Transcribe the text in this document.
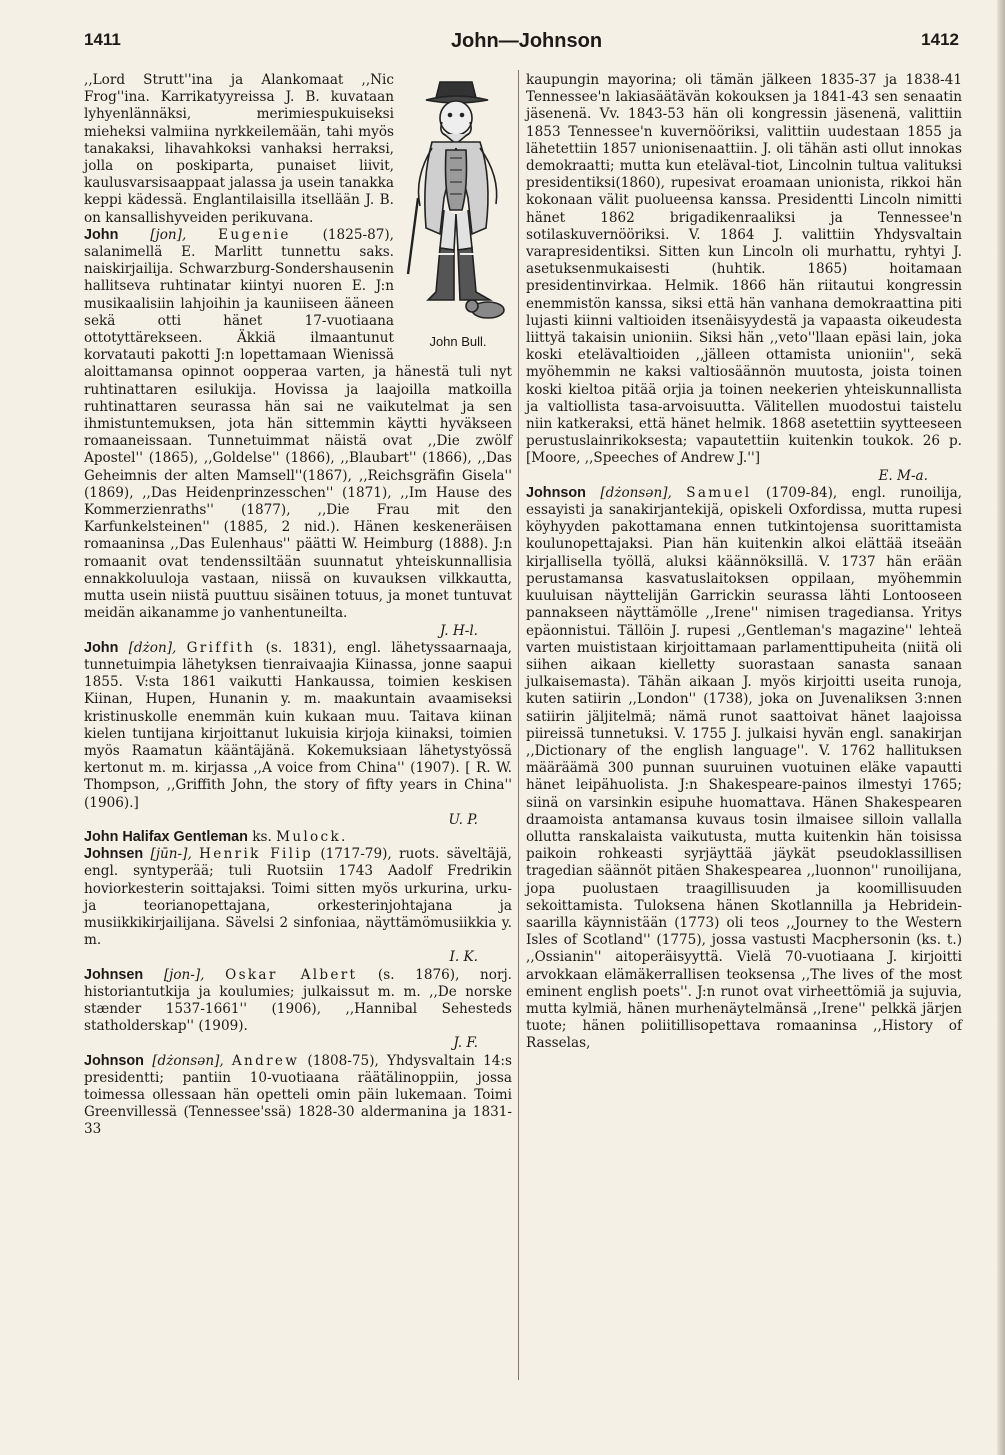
1411	John—Johnson	1412
John Bull.

,,Lord Strutt''ina ja Alankomaat ,,Nic Frog''ina. Karrikatyyreissa J. B. kuvataan lyhyenlännäksi, merimiespukuiseksi mieheksi valmiina nyrkkeilemään, tahi myös tanakaksi, lihavahkoksi vanhaksi herraksi, jolla on poskiparta, punaiset liivit, kaulusvarsisaappaat jalassa ja usein tanakka keppi kädessä. Englantilaisilla itsellään J. B. on kansallishyveiden perikuvana.

John [jon], Eugenie (1825-87), salanimellä E. Marlitt tunnettu saks. naiskirjailija. Schwarzburg-Sondershausenin hallitseva ruhtinatar kiintyi nuoren E. J:n musikaalisiin lahjoihin ja kauniiseen ääneen sekä otti hänet 17-vuotiaana ottotyttärekseen. Äkkiä ilmaantunut korvatauti pakotti J:n lopettamaan Wienissä aloittamansa opinnot oopperaa varten, ja hänestä tuli nyt ruhtinattaren esilukija. Hovissa ja laajoilla matkoilla ruhtinattaren seurassa hän sai ne vaikutelmat ja sen ihmistuntemuksen, jota hän sittemmin käytti hyväkseen romaaneissaan. Tunnetuimmat näistä ovat ,,Die zwölf Apostel'' (1865), ,,Goldelse'' (1866), ,,Blaubart'' (1866), ,,Das Geheimnis der alten Mamsell''(1867), ,,Reichsgräfin Gisela'' (1869), ,,Das Heidenprinzesschen'' (1871), ,,Im Hause des Kommerzienraths'' (1877), ,,Die Frau mit den Karfunkelsteinen'' (1885, 2 nid.). Hänen keskeneräisen romaaninsa ,,Das Eulenhaus'' päätti W. Heimburg (1888). J:n romaanit ovat tendenssiltään suunnatut yhteiskunnallisia ennakkoluuloja vastaan, niissä on kuvauksen vilkkautta, mutta usein niistä puuttuu sisäinen totuus, ja monet tuntuvat meidän aikanamme jo vanhentuneilta.

J. H-l.

John [dżon], Griffith (s. 1831), engl. lähetyssaarnaaja, tunnetuimpia lähetyksen tienraivaajia Kiinassa, jonne saapui 1855. V:sta 1861 vaikutti Hankaussa, toimien keskisen Kiinan, Hupen, Hunanin y. m. maakuntain avaamiseksi kristinuskolle enemmän kuin kukaan muu. Taitava kiinan kielen tuntijana kirjoittanut lukuisia kirjoja kiinaksi, toimien myös Raamatun kääntäjänä. Kokemuksiaan lähetystyössä kertonut m. m. kirjassa ,,A voice from China'' (1907). [ R. W. Thompson, ,,Griffith John, the story of fifty years in China'' (1906).]

U. P.

John Halifax Gentleman ks. Mulock.

Johnsen [jūn-], Henrik Filip (1717-79), ruots. säveltäjä, engl. syntyperää; tuli Ruotsiin 1743 Aadolf Fredrikin hoviorkesterin soittajaksi. Toimi sitten myös urkurina, urku- ja teorianopettajana, orkesterinjohtajana ja musiikkikirjailijana. Sävelsi 2 sinfoniaa, näyttämömusiikkia y. m.

I. K.

Johnsen [jon-], Oskar Albert (s. 1876), norj. historiantutkija ja koulumies; julkaissut m. m. ,,De norske stænder 1537-1661'' (1906), ,,Hannibal Sehesteds statholderskap'' (1909).

J. F.

Johnson [dżonsən], Andrew (1808-75), Yhdysvaltain 14:s presidentti; pantiin 10-vuotiaana räätälinoppiin, jossa toimessa ollessaan hän opetteli omin päin lukemaan. Toimi Greenvillessä (Tennessee'ssä) 1828-30 aldermanina ja 1831-33

kaupungin mayorina; oli tämän jälkeen 1835-37 ja 1838-41 Tennessee'n lakiasäätävän kokouksen ja 1841-43 sen senaatin jäsenenä. Vv. 1843-53 hän oli kongressin jäsenenä, valittiin 1853 Tennessee'n kuvernööriksi, valittiin uudestaan 1855 ja lähetettiin 1857 unionisenaattiin. J. oli tähän asti ollut innokas demokraatti; mutta kun eteläval-tiot, Lincolnin tultua valituksi presidentiksi(1860), rupesivat eroamaan unionista, rikkoi hän kokonaan välit puolueensa kanssa. Presidentti Lincoln nimitti hänet 1862 brigadikenraaliksi ja Tennessee'n sotilaskuvernööriksi. V. 1864 J. valittiin Yhdysvaltain varapresidentiksi. Sitten kun Lincoln oli murhattu, ryhtyi J. asetuksenmukaisesti (huhtik. 1865) hoitamaan presidentinvirkaa. Helmik. 1866 hän riitautui kongressin enemmistön kanssa, siksi että hän vanhana demokraattina piti lujasti kiinni valtioiden itsenäisyydestä ja vapaasta oikeudesta liittyä takaisin unioniin. Siksi hän ,,veto''llaan epäsi lain, joka koski etelävaltioiden ,,jälleen ottamista unioniin'', sekä myöhemmin ne kaksi valtiosäännön muutosta, joista toinen koski kieltoa pitää orjia ja toinen neekerien yhteiskunnallista ja valtiollista tasa-arvoisuutta. Välitellen muodostui taistelu niin katkeraksi, että hänet helmik. 1868 asetettiin syytteeseen perustuslainrikoksesta; vapautettiin kuitenkin toukok. 26 p. [Moore, ,,Speeches of Andrew J.'']

E. M-a.

Johnson [dżonsən], Samuel (1709-84), engl. runoilija, essayisti ja sanakirjantekijä, opiskeli Oxfordissa, mutta rupesi köyhyyden pakottamana ennen tutkintojensa suorittamista koulunopettajaksi. Pian hän kuitenkin alkoi elättää itseään kirjallisella työllä, aluksi käännöksillä. V. 1737 hän erään perustamansa kasvatuslaitoksen oppilaan, myöhemmin kuuluisan näyttelijän Garrickin seurassa lähti Lontooseen pannakseen näyttämölle ,,Irene'' nimisen tragediansa. Yritys epäonnistui. Tällöin J. rupesi ,,Gentleman's magazine'' lehteä varten muististaan kirjoittamaan parlamenttipuheita (niitä oli siihen aikaan kielletty suorastaan sanasta sanaan julkaisemasta). Tähän aikaan J. myös kirjoitti useita runoja, kuten satiirin ,,London'' (1738), joka on Juvenaliksen 3:nnen satiirin jäljitelmä; nämä runot saattoivat hänet laajoissa piireissä tunnetuksi. V. 1755 J. julkaisi hyvän engl. sanakirjan ,,Dictionary of the english language''. V. 1762 hallituksen määräämä 300 punnan suuruinen vuotuinen eläke vapautti hänet leipähuolista. J:n Shakespeare-painos ilmestyi 1765; siinä on varsinkin esipuhe huomattava. Hänen Shakespearen draamoista antamansa kuvaus tosin ilmaisee silloin vallalla ollutta ranskalaista vaikutusta, mutta kuitenkin hän toisissa paikoin rohkeasti syrjäyttää jäykät pseudoklassillisen tragedian säännöt pitäen Shakespearea ,,luonnon'' runoilijana, jopa puolustaen traagillisuuden ja koomillisuuden sekoittamista. Tuloksena hänen Skotlannilla ja Hebridein-saarilla käynnistään (1773) oli teos ,,Journey to the Western Isles of Scotland'' (1775), jossa vastusti Macphersonin (ks. t.) ,,Ossianin'' aitoperäisyyttä. Vielä 70-vuotiaana J. kirjoitti arvokkaan elämäkerrallisen teoksensa ,,The lives of the most eminent english poets''. J:n runot ovat virheettömiä ja sujuvia, mutta kylmiä, hänen murhenäytelmänsä ,,Irene'' pelkkä järjen tuote; hänen poliitillisopettava romaaninsa ,,History of Rasselas,
